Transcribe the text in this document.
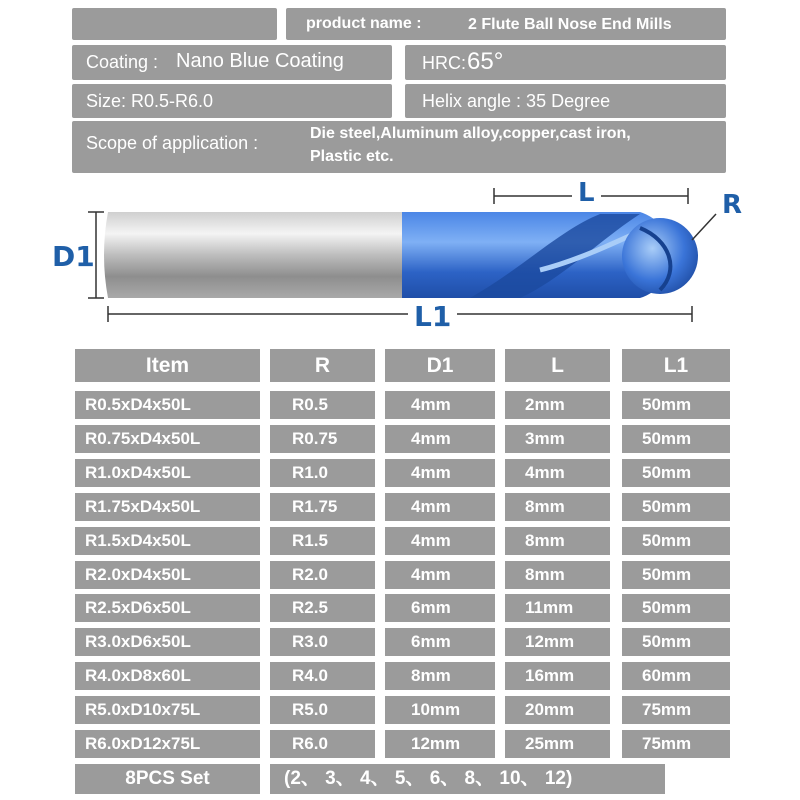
product name :	2 Flute Ball Nose End Mills
Coating : Nano Blue Coating	HRC: 65°
Size: R0.5-R6.0	Helix angle : 35 Degree
Scope of application :	Die steel,Aluminum alloy,copper,cast iron,
Plastic etc.
D1
L	R
L1
Item	R	D1	L	L1
R0.5xD4x50L	R0.5	4mm	2mm	50mm
R0.75xD4x50L	R0.75	4mm	3mm	50mm
R1.0xD4x50L	R1.0	4mm	4mm	50mm
R1.75xD4x50L	R1.75	4mm	8mm	50mm
R1.5xD4x50L	R1.5	4mm	8mm	50mm
R2.0xD4x50L	R2.0	4mm	8mm	50mm
R2.5xD6x50L	R2.5	6mm	11mm	50mm
R3.0xD6x50L	R3.0	6mm	12mm	50mm
R4.0xD8x60L	R4.0	8mm	16mm	60mm
R5.0xD10x75L	R5.0	10mm	20mm	75mm
R6.0xD12x75L	R6.0	12mm	25mm	75mm
8PCS Set	(2、 3、 4、 5、 6、 8、 10、 12)
